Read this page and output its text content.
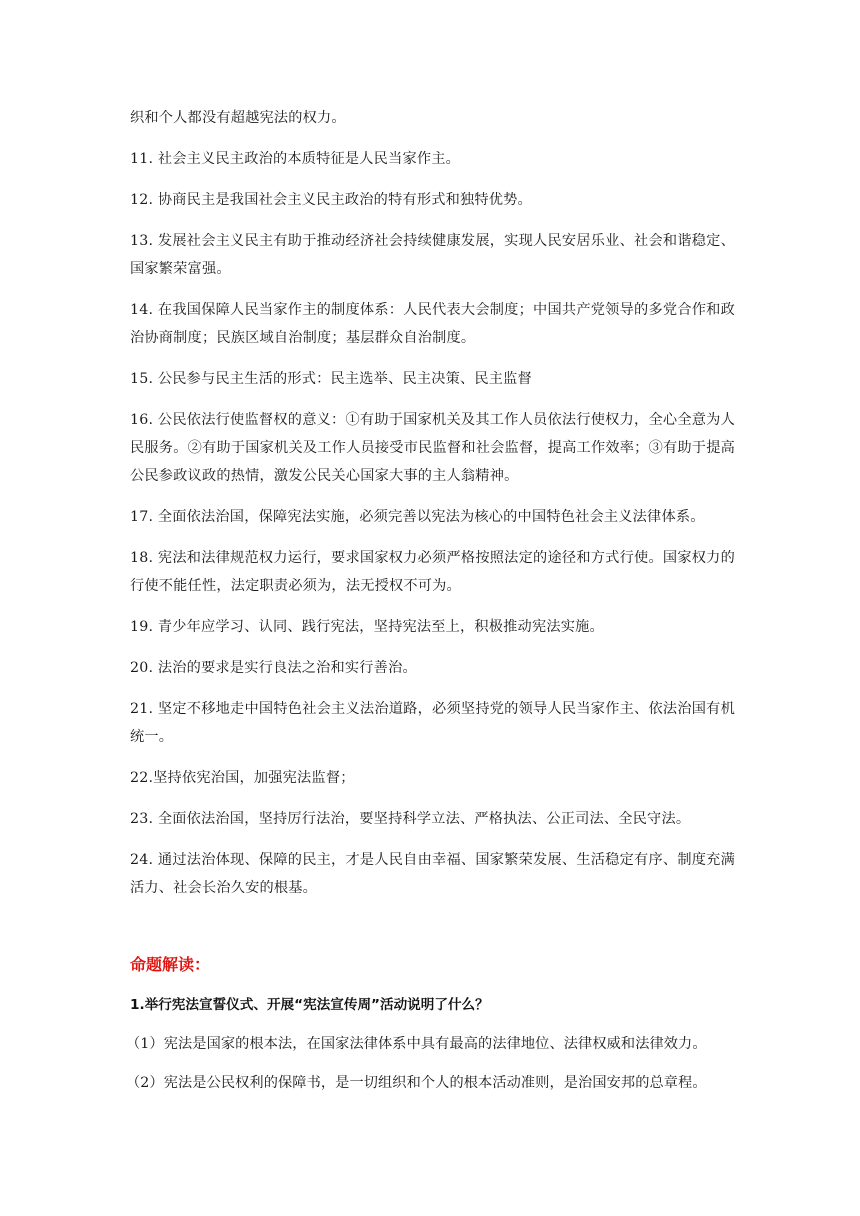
织和个人都没有超越宪法的权力。

11. 社会主义民主政治的本质特征是人民当家作主。

12. 协商民主是我国社会主义民主政治的特有形式和独特优势。

13. 发展社会主义民主有助于推动经济社会持续健康发展，实现人民安居乐业、社会和谐稳定、国家繁荣富强。

14. 在我国保障人民当家作主的制度体系：人民代表大会制度；中国共产党领导的多党合作和政治协商制度；民族区域自治制度；基层群众自治制度。

15. 公民参与民主生活的形式：民主选举、民主决策、民主监督

16. 公民依法行使监督权的意义：①有助于国家机关及其工作人员依法行使权力，全心全意为人民服务。②有助于国家机关及工作人员接受市民监督和社会监督，提高工作效率；③有助于提高公民参政议政的热情，激发公民关心国家大事的主人翁精神。

17. 全面依法治国，保障宪法实施，必须完善以宪法为核心的中国特色社会主义法律体系。

18. 宪法和法律规范权力运行，要求国家权力必须严格按照法定的途径和方式行使。国家权力的行使不能任性，法定职责必须为，法无授权不可为。

19. 青少年应学习、认同、践行宪法，坚持宪法至上，积极推动宪法实施。

20. 法治的要求是实行良法之治和实行善治。

21. 坚定不移地走中国特色社会主义法治道路，必须坚持党的领导人民当家作主、依法治国有机统一。

22.坚持依宪治国，加强宪法监督；

23. 全面依法治国，坚持厉行法治，要坚持科学立法、严格执法、公正司法、全民守法。

24. 通过法治体现、保障的民主，才是人民自由幸福、国家繁荣发展、生活稳定有序、制度充满活力、社会长治久安的根基。

命题解读：
1.举行宪法宣誓仪式、开展“宪法宣传周”活动说明了什么？
（1）宪法是国家的根本法，在国家法律体系中具有最高的法律地位、法律权威和法律效力。
（2）宪法是公民权利的保障书，是一切组织和个人的根本活动准则，是治国安邦的总章程。
